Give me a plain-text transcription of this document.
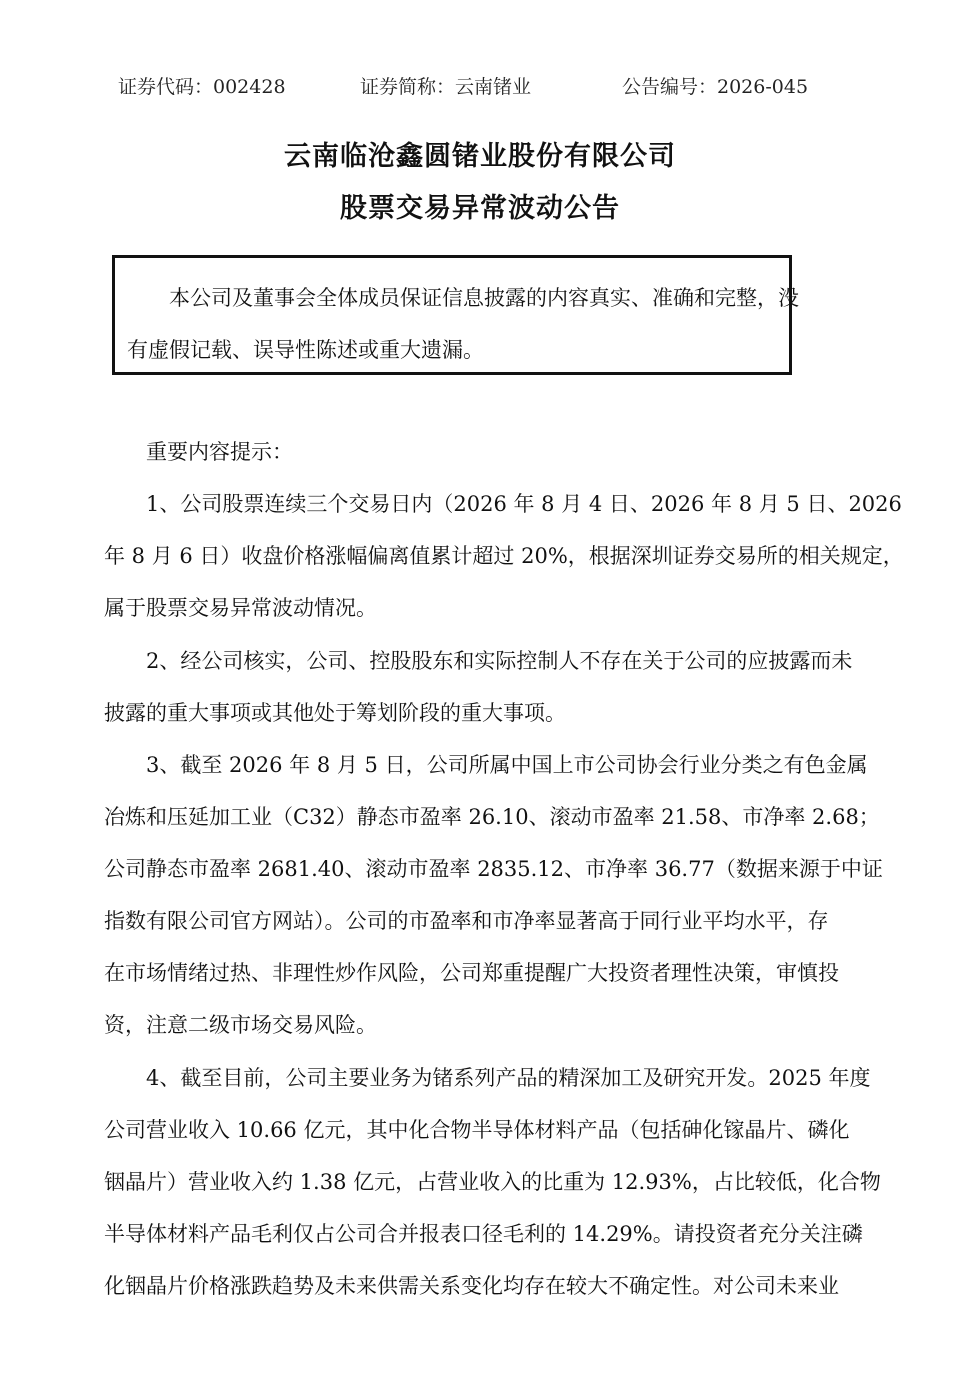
证券代码：002428	证券简称：云南锗业	公告编号：2026-045
云南临沧鑫圆锗业股份有限公司
股票交易异常波动公告
本公司及董事会全体成员保证信息披露的内容真实、准确和完整，没
有虚假记载、误导性陈述或重大遗漏。
重要内容提示：
1、公司股票连续三个交易日内（2026 年 8 月 4 日、2026 年 8 月 5 日、2026
年 8 月 6 日）收盘价格涨幅偏离值累计超过 20%，根据深圳证券交易所的相关规定，
属于股票交易异常波动情况。
2、经公司核实，公司、控股股东和实际控制人不存在关于公司的应披露而未
披露的重大事项或其他处于筹划阶段的重大事项。
3、截至 2026 年 8 月 5 日，公司所属中国上市公司协会行业分类之有色金属
冶炼和压延加工业（C32）静态市盈率 26.10、滚动市盈率 21.58、市净率 2.68；
公司静态市盈率 2681.40、滚动市盈率 2835.12、市净率 36.77（数据来源于中证
指数有限公司官方网站）。公司的市盈率和市净率显著高于同行业平均水平，存
在市场情绪过热、非理性炒作风险，公司郑重提醒广大投资者理性决策，审慎投
资，注意二级市场交易风险。
4、截至目前，公司主要业务为锗系列产品的精深加工及研究开发。2025 年度
公司营业收入 10.66 亿元，其中化合物半导体材料产品（包括砷化镓晶片、磷化
铟晶片）营业收入约 1.38 亿元，占营业收入的比重为 12.93%，占比较低，化合物
半导体材料产品毛利仅占公司合并报表口径毛利的 14.29%。请投资者充分关注磷
化铟晶片价格涨跌趋势及未来供需关系变化均存在较大不确定性。对公司未来业
